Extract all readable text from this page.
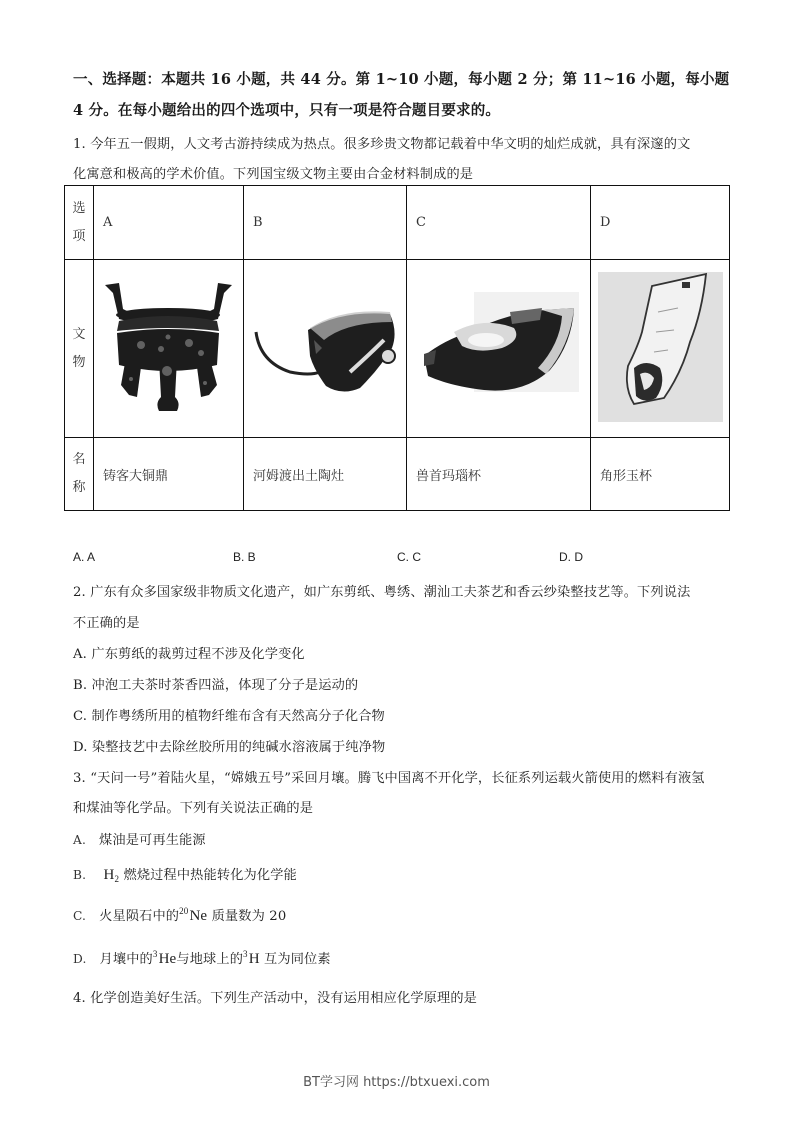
一、选择题：本题共 16 小题，共 44 分。第 1~10 小题，每小题 2 分；第 11~16 小题，每小题
4 分。在每小题给出的四个选项中，只有一项是符合题目要求的。
1. 今年五一假期，人文考古游持续成为热点。很多珍贵文物都记载着中华文明的灿烂成就，具有深邃的文
化寓意和极高的学术价值。下列国宝级文物主要由合金材料制成的是
选
项	A	B	C	D

文
物

名
称	铸客大铜鼎	河姆渡出土陶灶	兽首玛瑙杯	角形玉杯
A. A	B. B	C. C	D. D
2. 广东有众多国家级非物质文化遗产，如广东剪纸、粤绣、潮汕工夫茶艺和香云纱染整技艺等。下列说法
不正确的是
A. 广东剪纸的裁剪过程不涉及化学变化
B. 冲泡工夫茶时茶香四溢，体现了分子是运动的
C. 制作粤绣所用的植物纤维布含有天然高分子化合物
D. 染整技艺中去除丝胶所用的纯碱水溶液属于纯净物
3. “天问一号”着陆火星，“嫦娥五号”采回月壤。腾飞中国离不开化学，长征系列运载火箭使用的燃料有液氢
和煤油等化学品。下列有关说法正确的是
A. 煤油是可再生能源
B. $H_2$ 燃烧过程中热能转化为化学能
C. 火星陨石中的$^{20}$Ne 质量数为 20
D. 月壤中的$^3$He与地球上的$^3$H 互为同位素
4. 化学创造美好生活。下列生产活动中，没有运用相应化学原理的是
BT学习网 https://btxuexi.com
